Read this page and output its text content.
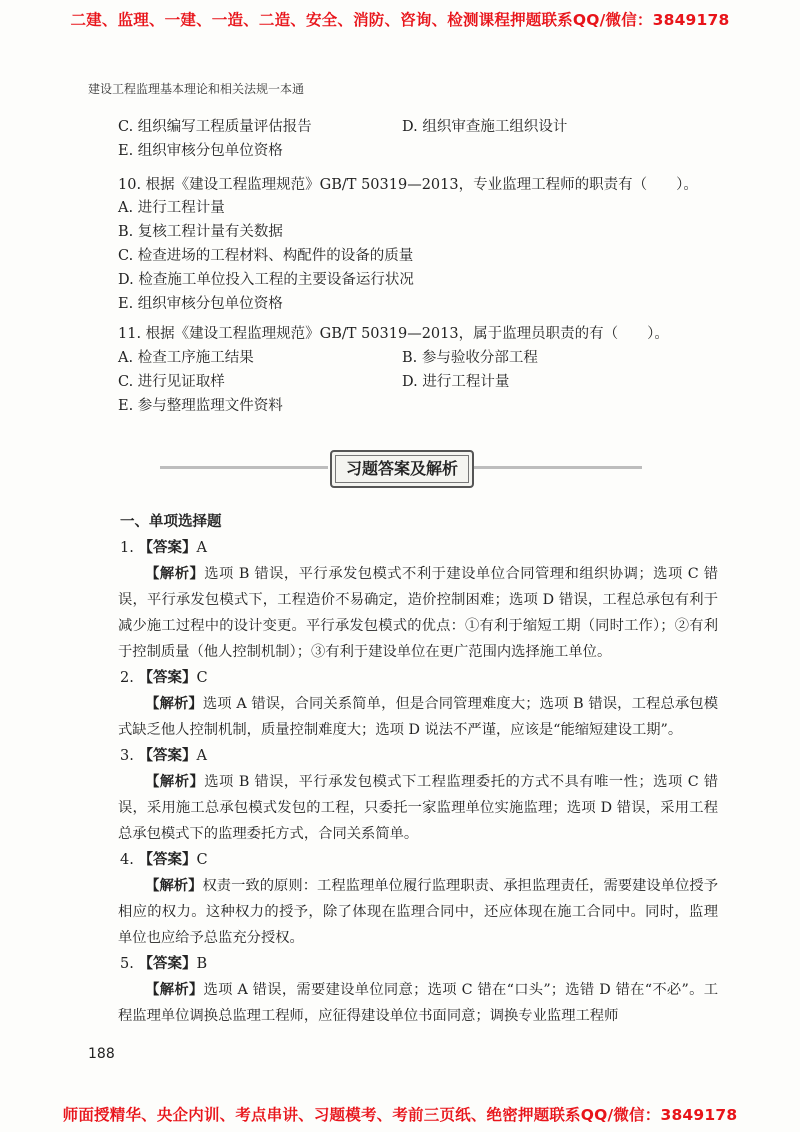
二建、监理、一建、一造、二造、安全、消防、咨询、检测课程押题联系QQ/微信：3849178
建设工程监理基本理论和相关法规一本通
C. 组织编写工程质量评估报告	D. 组织审查施工组织设计
E. 组织审核分包单位资格
10. 根据《建设工程监理规范》GB/T 50319—2013，专业监理工程师的职责有（　　）。
A. 进行工程计量
B. 复核工程计量有关数据
C. 检查进场的工程材料、构配件的设备的质量
D. 检查施工单位投入工程的主要设备运行状况
E. 组织审核分包单位资格
11. 根据《建设工程监理规范》GB/T 50319—2013，属于监理员职责的有（　　）。
A. 检查工序施工结果	B. 参与验收分部工程
C. 进行见证取样	D. 进行工程计量
E. 参与整理监理文件资料
习题答案及解析

一、单项选择题

1. 【答案】A

【解析】选项 B 错误，平行承发包模式不利于建设单位合同管理和组织协调；选项 C 错误，平行承发包模式下，工程造价不易确定，造价控制困难；选项 D 错误，工程总承包有利于减少施工过程中的设计变更。平行承发包模式的优点：①有利于缩短工期（同时工作）；②有利于控制质量（他人控制机制）；③有利于建设单位在更广范围内选择施工单位。

2. 【答案】C

【解析】选项 A 错误，合同关系简单，但是合同管理难度大；选项 B 错误，工程总承包模式缺乏他人控制机制，质量控制难度大；选项 D 说法不严谨，应该是“能缩短建设工期”。

3. 【答案】A

【解析】选项 B 错误，平行承发包模式下工程监理委托的方式不具有唯一性；选项 C 错误，采用施工总承包模式发包的工程，只委托一家监理单位实施监理；选项 D 错误，采用工程总承包模式下的监理委托方式，合同关系简单。

4. 【答案】C

【解析】权责一致的原则：工程监理单位履行监理职责、承担监理责任，需要建设单位授予相应的权力。这种权力的授予，除了体现在监理合同中，还应体现在施工合同中。同时，监理单位也应给予总监充分授权。

5. 【答案】B

【解析】选项 A 错误，需要建设单位同意；选项 C 错在“口头”；选错 D 错在“不必”。工程监理单位调换总监理工程师，应征得建设单位书面同意；调换专业监理工程师

188
师面授精华、央企内训、考点串讲、习题模考、考前三页纸、绝密押题联系QQ/微信：3849178
